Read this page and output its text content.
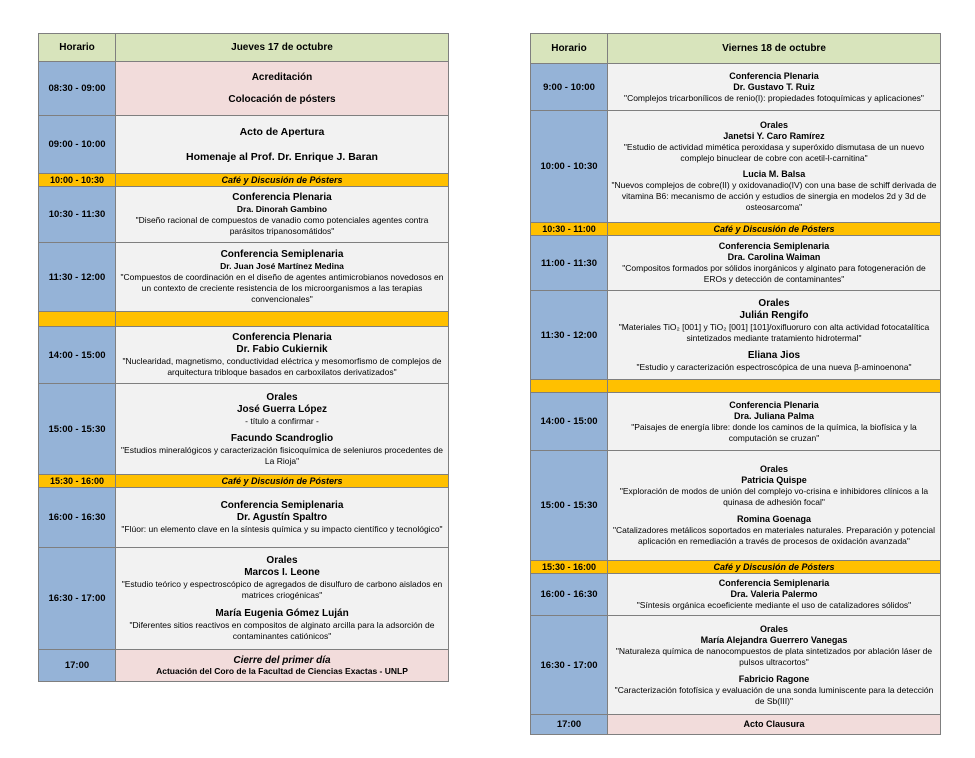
Horario	Jueves 17 de octubre
08:30 - 09:00	Acreditación
Colocación de pósters

09:00 - 10:00	Acto de Apertura
Homenaje al Prof. Dr. Enrique J. Baran

10:00 - 10:30	Café y Discusión de Pósters
10:30 - 11:30	Conferencia Plenaria
Dra. Dinorah Gambino
"Diseño racional de compuestos de vanadio como potenciales agentes contra parásitos tripanosomátidos"

11:30 - 12:00	Conferencia Semiplenaria
Dr. Juan José Martínez Medina
"Compuestos de coordinación en el diseño de agentes antimicrobianos novedosos en un contexto de creciente resistencia de los microorganismos a las terapias convencionales"

14:00 - 15:00	Conferencia Plenaria
Dr. Fabio Cukiernik
"Nuclearidad, magnetismo, conductividad eléctrica y mesomorfismo de complejos de arquitectura tribloque basados en carboxilatos derivatizados"

15:00 - 15:30	Orales
José Guerra López
- título a confirmar -
Facundo Scandroglio
"Estudios mineralógicos y caracterización fisicoquímica de seleniuros procedentes de La Rioja"

15:30 - 16:00	Café y Discusión de Pósters
16:00 - 16:30	Conferencia Semiplenaria
Dr. Agustín Spaltro
"Flúor: un elemento clave en la síntesis química y su impacto científico y tecnológico"

16:30 - 17:00	Orales
Marcos I. Leone
"Estudio teórico y espectroscópico de agregados de disulfuro de carbono aislados en matrices criogénicas"
María Eugenia Gómez Luján
"Diferentes sitios reactivos en compositos de alginato arcilla para la adsorción de contaminantes catiónicos"

17:00	Cierre del primer día
Actuación del Coro de la Facultad de Ciencias Exactas - UNLP
Horario	Viernes 18 de octubre
9:00 - 10:00	Conferencia Plenaria
Dr. Gustavo T. Ruiz
"Complejos tricarbonílicos de renio(I): propiedades fotoquímicas y aplicaciones"

10:00 - 10:30	Orales
Janetsi Y. Caro Ramírez
"Estudio de actividad mimética peroxidasa y superóxido dismutasa de un nuevo complejo binuclear de cobre con acetil-l-carnitina"
Lucia M. Balsa
"Nuevos complejos de cobre(II) y oxidovanadio(IV) con una base de schiff derivada de vitamina B6: mecanismo de acción y estudios de sinergia en modelos 2d y 3d de osteosarcoma"

10:30 - 11:00	Café y Discusión de Pósters
11:00 - 11:30	Conferencia Semiplenaria
Dra. Carolina Waiman
"Compositos formados por sólidos inorgánicos y alginato para fotogeneración de EROs y detección de contaminantes"

11:30 - 12:00	Orales
Julián Rengifo
"Materiales TiO₂ [001] y TiO₂ [001] [101]/oxifluoruro con alta actividad fotocatalítica sintetizados mediante tratamiento hidrotermal"
Eliana Jios
"Estudio y caracterización espectroscópica de una nueva β-aminoenona"

14:00 - 15:00	Conferencia Plenaria
Dra. Juliana Palma
"Paisajes de energía libre: donde los caminos de la química, la biofísica y la computación se cruzan"

15:00 - 15:30	Orales
Patricia Quispe
"Exploración de modos de unión del complejo vo-crisina e inhibidores clínicos a la quinasa de adhesión focal"
Romina Goenaga
"Catalizadores metálicos soportados en materiales naturales. Preparación y potencial aplicación en remediación a través de procesos de oxidación avanzada"

15:30 - 16:00	Café y Discusión de Pósters
16:00 - 16:30	Conferencia Semiplenaria
Dra. Valeria Palermo
"Síntesis orgánica ecoeficiente mediante el uso de catalizadores sólidos"

16:30 - 17:00	Orales
María Alejandra Guerrero Vanegas
"Naturaleza química de nanocompuestos de plata sintetizados por ablación láser de pulsos ultracortos"
Fabricio Ragone
"Caracterización fotofísica y evaluación de una sonda luminiscente para la detección de Sb(III)"

17:00	Acto Clausura
